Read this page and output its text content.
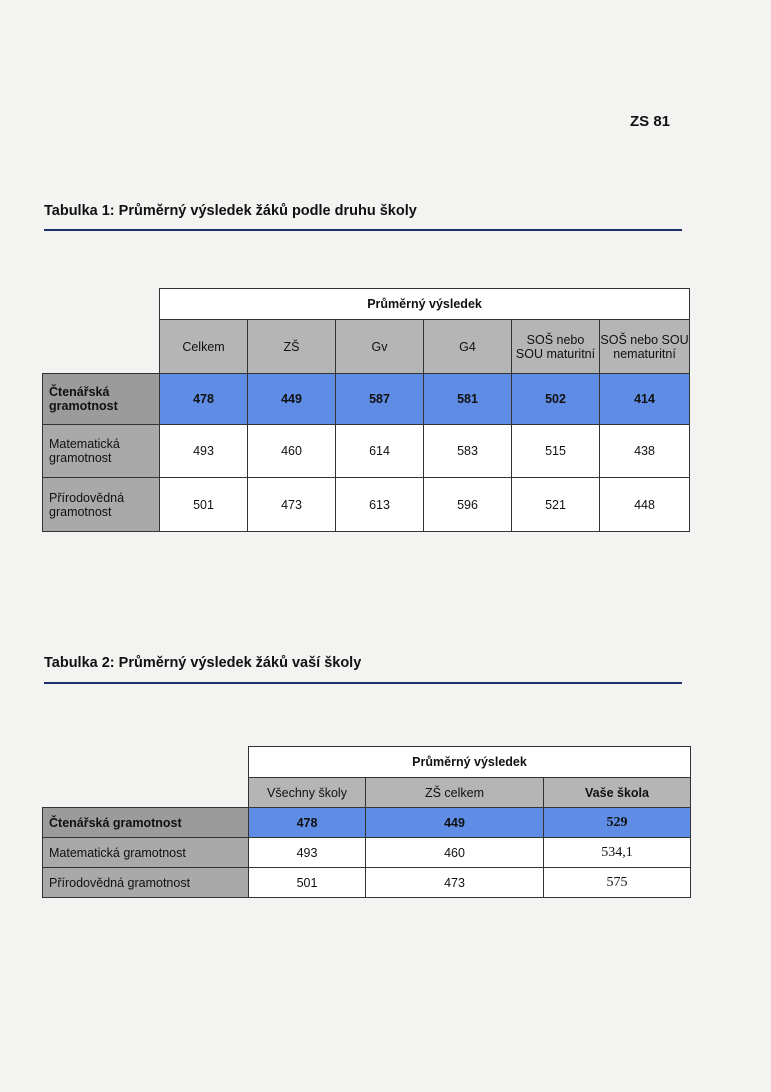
ZS 81
Tabulka 1: Průměrný výsledek žáků podle druhu školy
	Průměrný výsledek					
	Celkem	ZŠ	Gv	G4	SOŠ nebo SOU maturitní	SOŠ nebo SOU nematuritní
Čtenářská gramotnost	478	449	587	581	502	414
Matematická gramotnost	493	460	614	583	515	438
Přírodovědná gramotnost	501	473	613	596	521	448
Tabulka 2: Průměrný výsledek žáků vaší školy
	Průměrný výsledek		
	Všechny školy	ZŠ celkem	Vaše škola
Čtenářská gramotnost	478	449	529
Matematická gramotnost	493	460	534,1
Přírodovědná gramotnost	501	473	575
